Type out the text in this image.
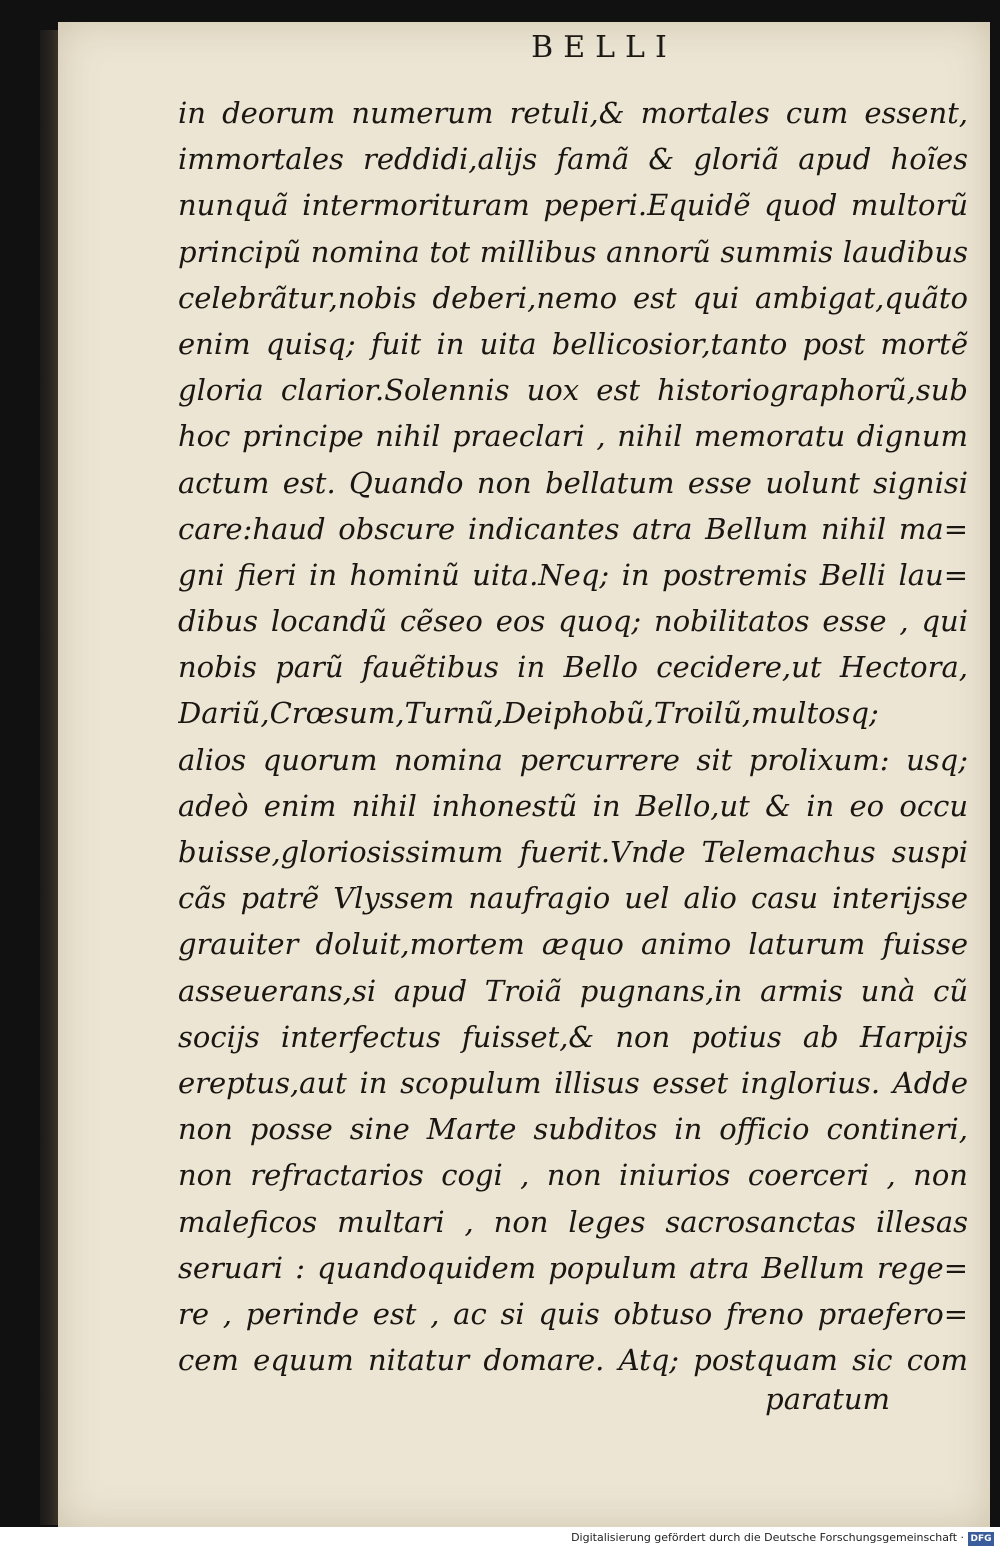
BELLI
in deorum numerum retuli,& mortales cum essent,
immortales reddidi,alijs famã & gloriã apud hoĩes
nunquã intermorituram peperi.Equidẽ quod multorũ
principũ nomina tot millibus annorũ summis laudibus
celebrãtur,nobis deberi,nemo est qui ambigat,quãto
enim quisq; fuit in uita bellicosior,tanto post mortẽ
gloria clarior.Solennis uox est historiographorũ,sub
hoc principe nihil praeclari , nihil memoratu dignum
actum est. Quando non bellatum esse uolunt signisi
care:haud obscure indicantes atra Bellum nihil ma=
gni fieri in hominũ uita.Neq; in postremis Belli lau=
dibus locandũ cẽseo eos quoq; nobilitatos esse , qui
nobis parũ fauẽtibus in Bello cecidere,ut Hectora,
Dariũ,Crœsum,Turnũ,Deiphobũ,Troilũ,multosq;
alios quorum nomina percurrere sit prolixum: usq;
adeò enim nihil inhonestũ in Bello,ut & in eo occu
buisse,gloriosissimum fuerit.Vnde Telemachus suspi
cãs patrẽ Vlyssem naufragio uel alio casu interijsse
grauiter doluit,mortem æquo animo laturum fuisse
asseuerans,si apud Troiã pugnans,in armis unà cũ
socijs interfectus fuisset,& non potius ab Harpijs
ereptus,aut in scopulum illisus esset inglorius. Adde
non posse sine Marte subditos in officio contineri,
non refractarios cogi , non iniurios coerceri , non
maleficos multari , non leges sacrosanctas illesas
seruari : quandoquidem populum atra Bellum rege=
re , perinde est , ac si quis obtuso freno praefero=
cem equum nitatur domare. Atq; postquam sic com
paratum
Digitalisierung gefördert durch die Deutsche Forschungsgemeinschaft · DFG
